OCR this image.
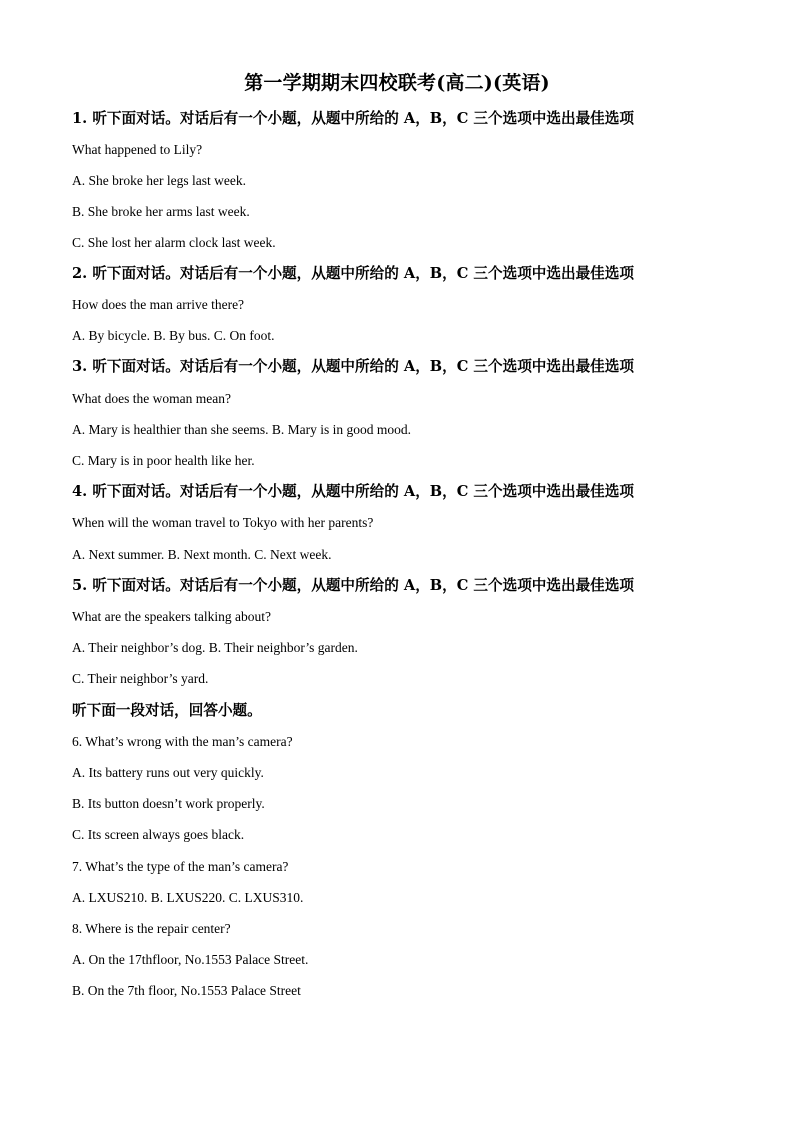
第一学期期末四校联考(高二)(英语)
1. 听下面对话。对话后有一个小题，从题中所给的 A，B，C 三个选项中选出最佳选项
What happened to Lily?
A. She broke her legs last week.
B. She broke her arms last week.
C. She lost her alarm clock last week.
2. 听下面对话。对话后有一个小题，从题中所给的 A，B，C 三个选项中选出最佳选项
How does the man arrive there?
A. By bicycle. B. By bus. C. On foot.
3. 听下面对话。对话后有一个小题，从题中所给的 A，B，C 三个选项中选出最佳选项
What does the woman mean?
A. Mary is healthier than she seems. B. Mary is in good mood.
C. Mary is in poor health like her.
4. 听下面对话。对话后有一个小题，从题中所给的 A，B，C 三个选项中选出最佳选项
When will the woman travel to Tokyo with her parents?
A. Next summer. B. Next month. C. Next week.
5. 听下面对话。对话后有一个小题，从题中所给的 A，B，C 三个选项中选出最佳选项
What are the speakers talking about?
A. Their neighbor’s dog. B. Their neighbor’s garden.
C. Their neighbor’s yard.
听下面一段对话，回答小题。
6. What’s wrong with the man’s camera?
A. Its battery runs out very quickly.
B. Its button doesn’t work properly.
C. Its screen always goes black.
7. What’s the type of the man’s camera?
A. LXUS210. B. LXUS220. C. LXUS310.
8. Where is the repair center?
A. On the 17thfloor, No.1553 Palace Street.
B. On the 7th floor, No.1553 Palace Street
